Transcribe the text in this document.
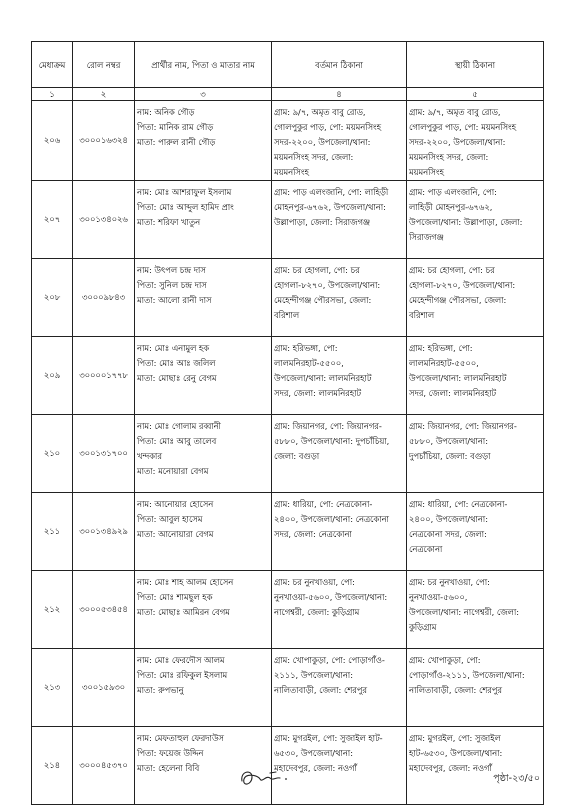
মেধাক্রম	রোল নম্বর	প্রার্থীর নাম, পিতা ও মাতার নাম	বর্তমান ঠিকানা	স্থায়ী ঠিকানা
১	২	৩	৪	৫
২০৬	৩০০০১৬৩২৪	নাম: অনিক গৌড়
পিতা: মানিক রাম গৌড়
মাতা: পারুল রানী গৌড়	গ্রাম: ৯/৭, অমৃত বাবু রোড,
গোলপুকুর পাড়, পো: ময়মনসিংহ
সদর-২২০০, উপজেলা/থানা:
ময়মনসিংহ সদর, জেলা:
ময়মনসিংহ	গ্রাম: ৯/৭, অমৃত বাবু রোড,
গোলপুকুর পাড়, পো: ময়মনসিংহ
সদর-২২০০, উপজেলা/থানা:
ময়মনসিংহ সদর, জেলা:
ময়মনসিংহ

২০৭	৩০০১৩৪০২৬	নাম: মোঃ আশরাফুল ইসলাম
পিতা: মোঃ আব্দুল হামিদ প্রাং
মাতা: শরিফা খাতুন	গ্রাম: পাড় এলংজানি, পো: লাহিড়ী
মোহনপুর-৬৭৬২, উপজেলা/থানা:
উল্লাপাড়া, জেলা: সিরাজগঞ্জ	গ্রাম: পাড় এলংজানি, পো:
লাহিড়ী মোহনপুর-৬৭৬২,
উপজেলা/থানা: উল্লাপাড়া, জেলা:
সিরাজগঞ্জ

২০৮	৩০০০৯৮৪৩	নাম: উৎপল চন্দ্র দাস
পিতা: সুনিল চন্দ্র দাস
মাতা: আলো রানী দাস	গ্রাম: চর হোগলা, পো: চর
হোগলা-৮২৭০, উপজেলা/থানা:
মেহেন্দীগঞ্জ পৌরসভা, জেলা:
বরিশাল	গ্রাম: চর হোগলা, পো: চর
হোগলা-৮২৭০, উপজেলা/থানা:
মেহেন্দীগঞ্জ পৌরসভা, জেলা:
বরিশাল

২০৯	৩০০০০১৭৭৮	নাম: মোঃ এনামুল হক
পিতা: মোঃ আঃ জলিল
মাতা: মোছাঃ রেনু বেগম	গ্রাম: হরিভঙ্গা, পো:
লালমনিরহাট-৫৫০০,
উপজেলা/থানা: লালমনিরহাট
সদর, জেলা: লালমনিরহাট	গ্রাম: হরিভঙ্গা, পো:
লালমনিরহাট-৫৫০০,
উপজেলা/থানা: লালমনিরহাট
সদর, জেলা: লালমনিরহাট

২১০	৩০০১৩১৭০০	নাম: মোঃ গোলাম রব্বানী
পিতা: মোঃ আবু তালেব
খন্দকার
মাতা: মনোয়ারা বেগম	গ্রাম: জিয়ানগর, পো: জিয়ানগর-
৫৮৮০, উপজেলা/থানা: দুপচাঁচিয়া,
জেলা: বগুড়া	গ্রাম: জিয়ানগর, পো: জিয়ানগর-
৫৮৮০, উপজেলা/থানা:
দুপচাঁচিয়া, জেলা: বগুড়া

২১১	৩০০১৩৪৯২৯	নাম: আনোয়ার হোসেন
পিতা: আবুল হাসেম
মাতা: আনোয়ারা বেগম	গ্রাম: ধারিয়া, পো: নেত্রকোনা-
২৪০০, উপজেলা/থানা: নেত্রকোনা
সদর, জেলা: নেত্রকোনা	গ্রাম: ধারিয়া, পো: নেত্রকোনা-
২৪০০, উপজেলা/থানা:
নেত্রকোনা সদর, জেলা:
নেত্রকোনা

২১২	৩০০০৫৩৪৫৪	নাম: মোঃ শাহ আলম হোসেন
পিতা: মোঃ শামছুল হক
মাতা: মোছাঃ আমিরন বেগম	গ্রাম: চর নুনখাওয়া, পো:
নুনখাওয়া-৫৬০০, উপজেলা/থানা:
নাগেশ্বরী, জেলা: কুড়িগ্রাম	গ্রাম: চর নুনখাওয়া, পো:
নুনখাওয়া-৫৬০০,
উপজেলা/থানা: নাগেশ্বরী, জেলা:
কুড়িগ্রাম

২১৩	৩০০১৫৯৩০	নাম: মোঃ ফেরদৌস আলম
পিতা: মোঃ রফিকুল ইসলাম
মাতা: রুপভানু	গ্রাম: খোপাকুড়া, পো: পোড়াগাঁও-
২১১১, উপজেলা/থানা:
নালিতাবাড়ী, জেলা: শেরপুর	গ্রাম: খোপাকুড়া, পো:
পোড়াগাঁও-২১১১, উপজেলা/থানা:
নালিতাবাড়ী, জেলা: শেরপুর

২১৪	৩০০০৪৫৩৭০	নাম: মেফতাহুল ফেরদাউস
পিতা: ফয়েজ উদ্দিন
মাতা: হেলেনা বিবি	গ্রাম: মুগরইল, পো: সুজাইল হাট-
৬৫৩০, উপজেলা/থানা:
মহাদেবপুর, জেলা: নওগাঁ	গ্রাম: মুগরইল, পো: সুজাইল
হাট-৬৫৩০, উপজেলা/থানা:
মহাদেবপুর, জেলা: নওগাঁ
পৃষ্ঠা-২৩/৫০
